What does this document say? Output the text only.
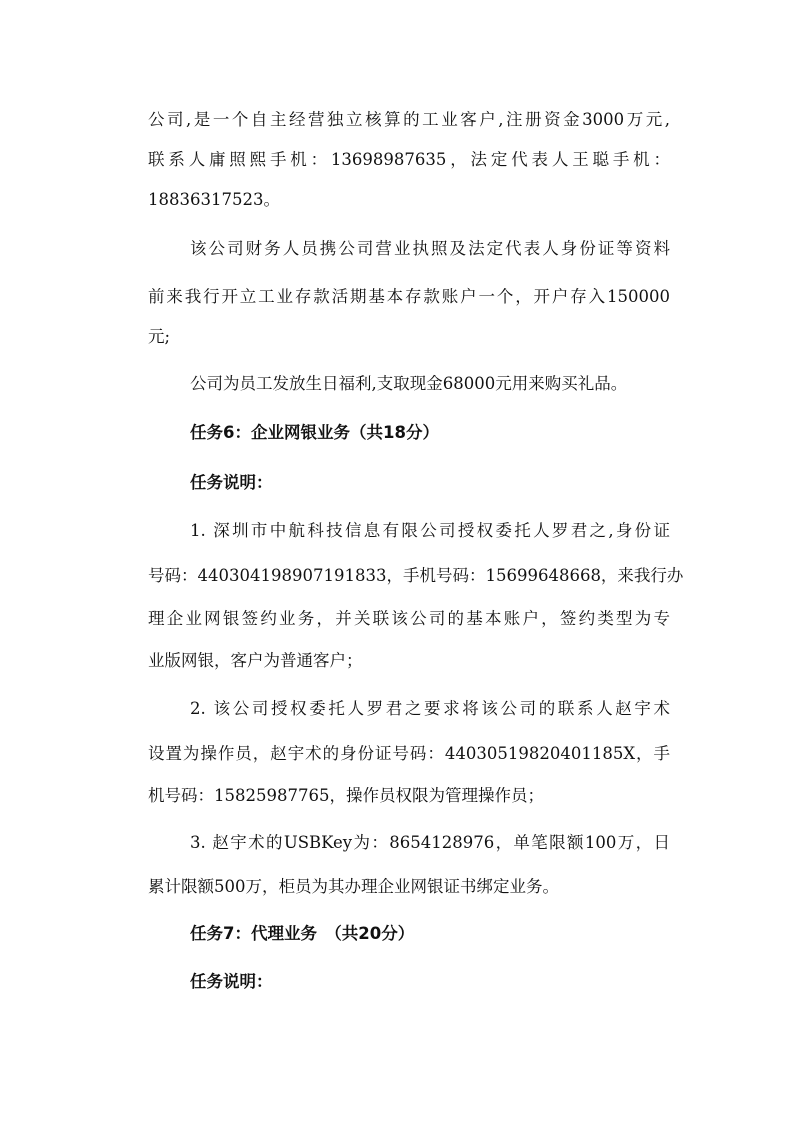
公司,是一个自主经营独立核算的工业客户,注册资金3000万元,
联系人庸照熙手机：13698987635，法定代表人王聪手机：
18836317523。
该公司财务人员携公司营业执照及法定代表人身份证等资料
前来我行开立工业存款活期基本存款账户一个，开户存入150000
元;
公司为员工发放生日福利,支取现金68000元用来购买礼品。
任务6：企业网银业务（共18分）
任务说明：
1. 深圳市中航科技信息有限公司授权委托人罗君之,身份证
号码：440304198907191833，手机号码：15699648668，来我行办
理企业网银签约业务，并关联该公司的基本账户，签约类型为专
业版网银，客户为普通客户；
2. 该公司授权委托人罗君之要求将该公司的联系人赵宇术
设置为操作员，赵宇术的身份证号码：44030519820401185X，手
机号码：15825987765，操作员权限为管理操作员；
3. 赵宇术的USBKey为：8654128976，单笔限额100万，日
累计限额500万，柜员为其办理企业网银证书绑定业务。
任务7：代理业务　（共20分）
任务说明：
